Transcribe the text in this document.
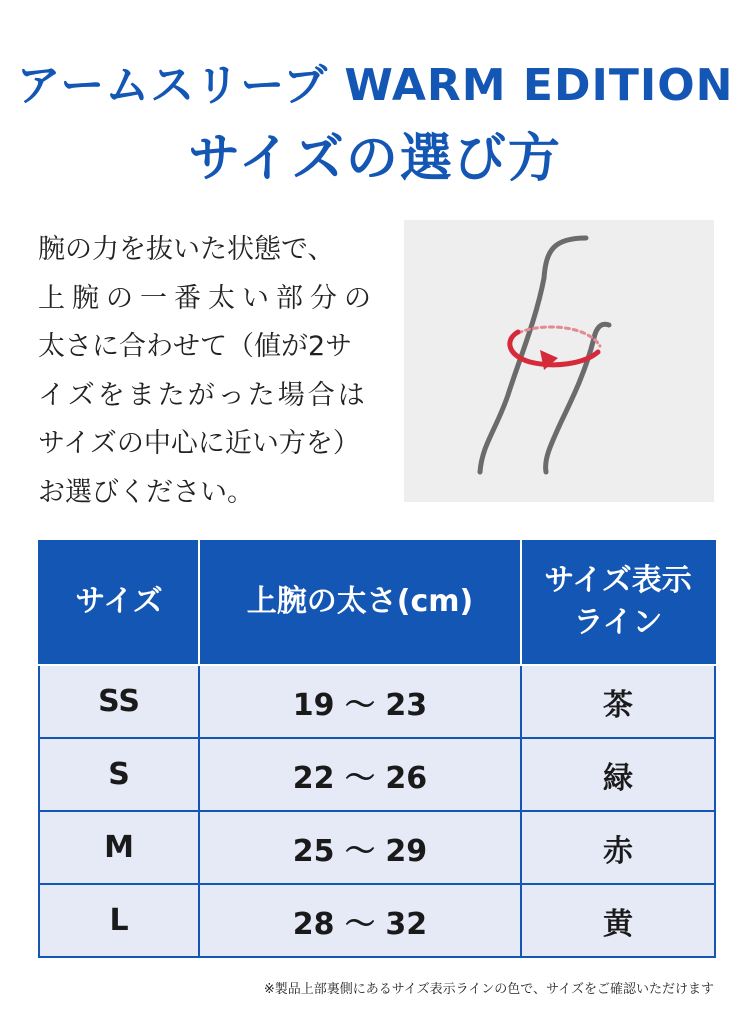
アームスリーブ WARM EDITION
サイズの選び方
腕の力を抜いた状態で、
上腕の一番太い部分の
太さに合わせて（値が2サ
イズをまたがった場合は
サイズの中心に近い方を）
お選びください。
サイズ	上腕の太さ(cm)	サイズ表示ライン
SS	19 ～ 23	茶
S	22 ～ 26	緑
M	25 ～ 29	赤
L	28 ～ 32	黄
※製品上部裏側にあるサイズ表示ラインの色で、サイズをご確認いただけます
